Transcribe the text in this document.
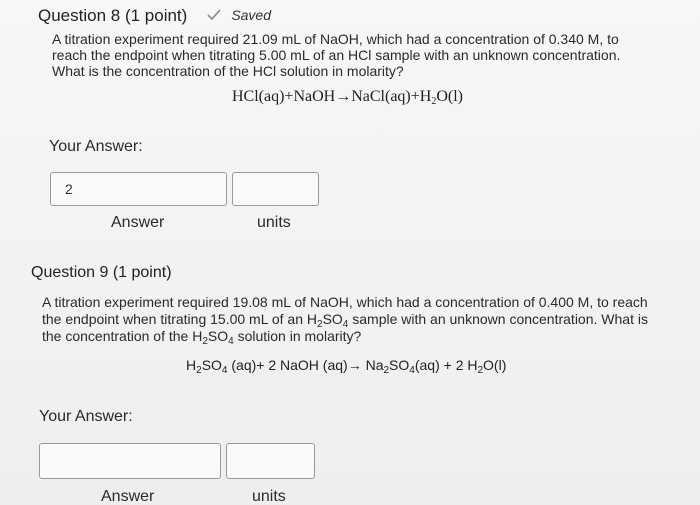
Question 8 (1 point)	Saved
A titration experiment required 21.09 mL of NaOH, which had a concentration of 0.340 M, to reach the endpoint when titrating 5.00 mL of an HCl sample with an unknown concentration. What is the concentration of the HCl solution in molarity?
$HCl(aq)+NaOH\to NaCl(aq)+H_2O(l)$
Your Answer:
2
Answer	units
Question 9 (1 point)
A titration experiment required 19.08 mL of NaOH, which had a concentration of 0.400 M, to reach the endpoint when titrating 15.00 mL of an $H_2SO_4$ sample with an unknown concentration. What is the concentration of the $H_2SO_4$ solution in molarity?
$H_2SO_4$ (aq)+ 2 NaOH $(aq)\to Na_2SO_4(aq) + 2$ $H_2O(l)$
Your Answer:
Answer	units
